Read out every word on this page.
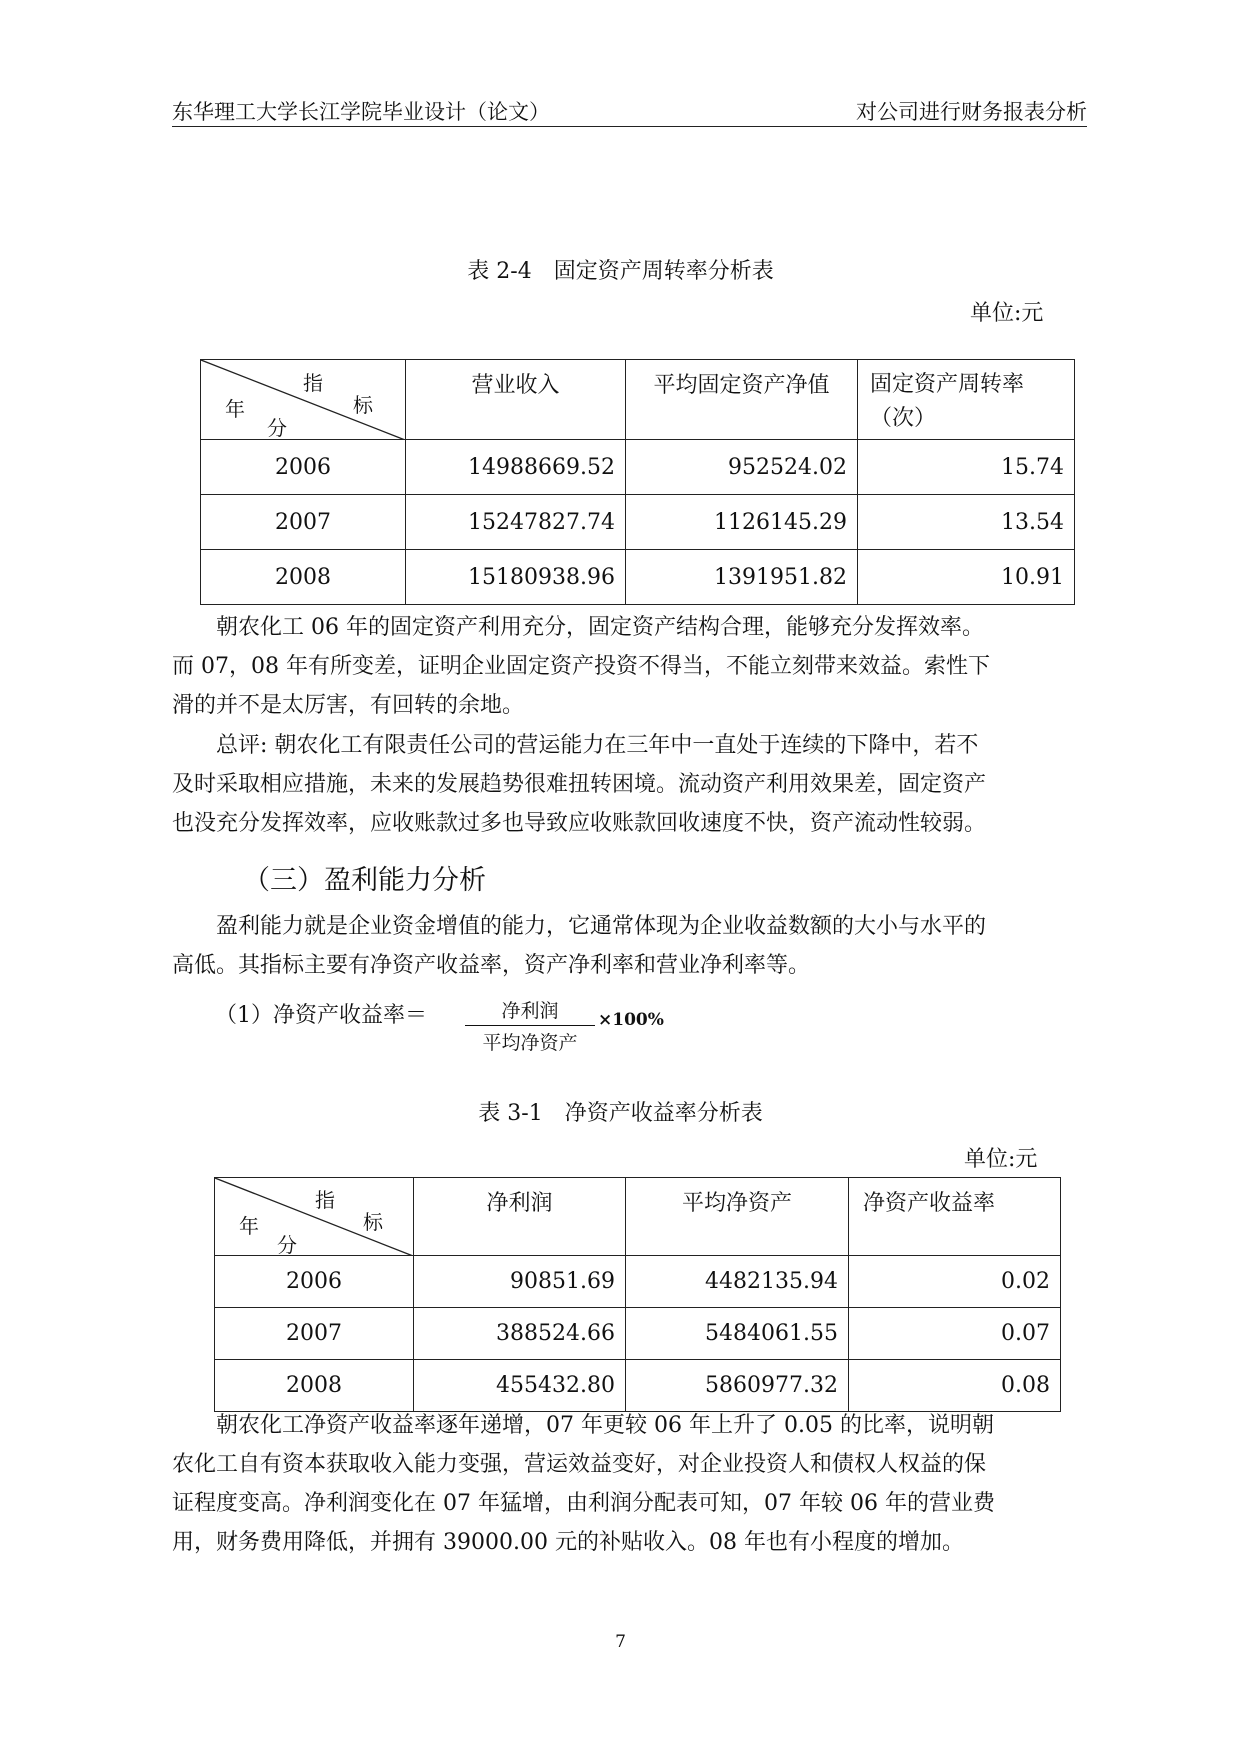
东华理工大学长江学院毕业设计（论文）	对公司进行财务报表分析
表 2-4　固定资产周转率分析表
单位:元
指
标
年
分	营业收入	平均固定资产净值	固定资产周转率
（次）
2006	14988669.52	952524.02	15.74
2007	15247827.74	1126145.29	13.54
2008	15180938.96	1391951.82	10.91
朝农化工 06 年的固定资产利用充分，固定资产结构合理，能够充分发挥效率。
而 07，08 年有所变差，证明企业固定资产投资不得当，不能立刻带来效益。索性下
滑的并不是太厉害，有回转的余地。
总评: 朝农化工有限责任公司的营运能力在三年中一直处于连续的下降中，若不
及时采取相应措施，未来的发展趋势很难扭转困境。流动资产利用效果差，固定资产
也没充分发挥效率，应收账款过多也导致应收账款回收速度不快，资产流动性较弱。
（三）盈利能力分析
盈利能力就是企业资金增值的能力，它通常体现为企业收益数额的大小与水平的
高低。其指标主要有净资产收益率，资产净利率和营业净利率等。
（1）净资产收益率＝	净利润
平均净资产
×100%
表 3-1　净资产收益率分析表
单位:元
指
标
年
分	净利润	平均净资产	净资产收益率
2006	90851.69	4482135.94	0.02
2007	388524.66	5484061.55	0.07
2008	455432.80	5860977.32	0.08
朝农化工净资产收益率逐年递增，07 年更较 06 年上升了 0.05 的比率，说明朝
农化工自有资本获取收入能力变强，营运效益变好，对企业投资人和债权人权益的保
证程度变高。净利润变化在 07 年猛增，由利润分配表可知，07 年较 06 年的营业费
用，财务费用降低，并拥有 39000.00 元的补贴收入。08 年也有小程度的增加。
7
